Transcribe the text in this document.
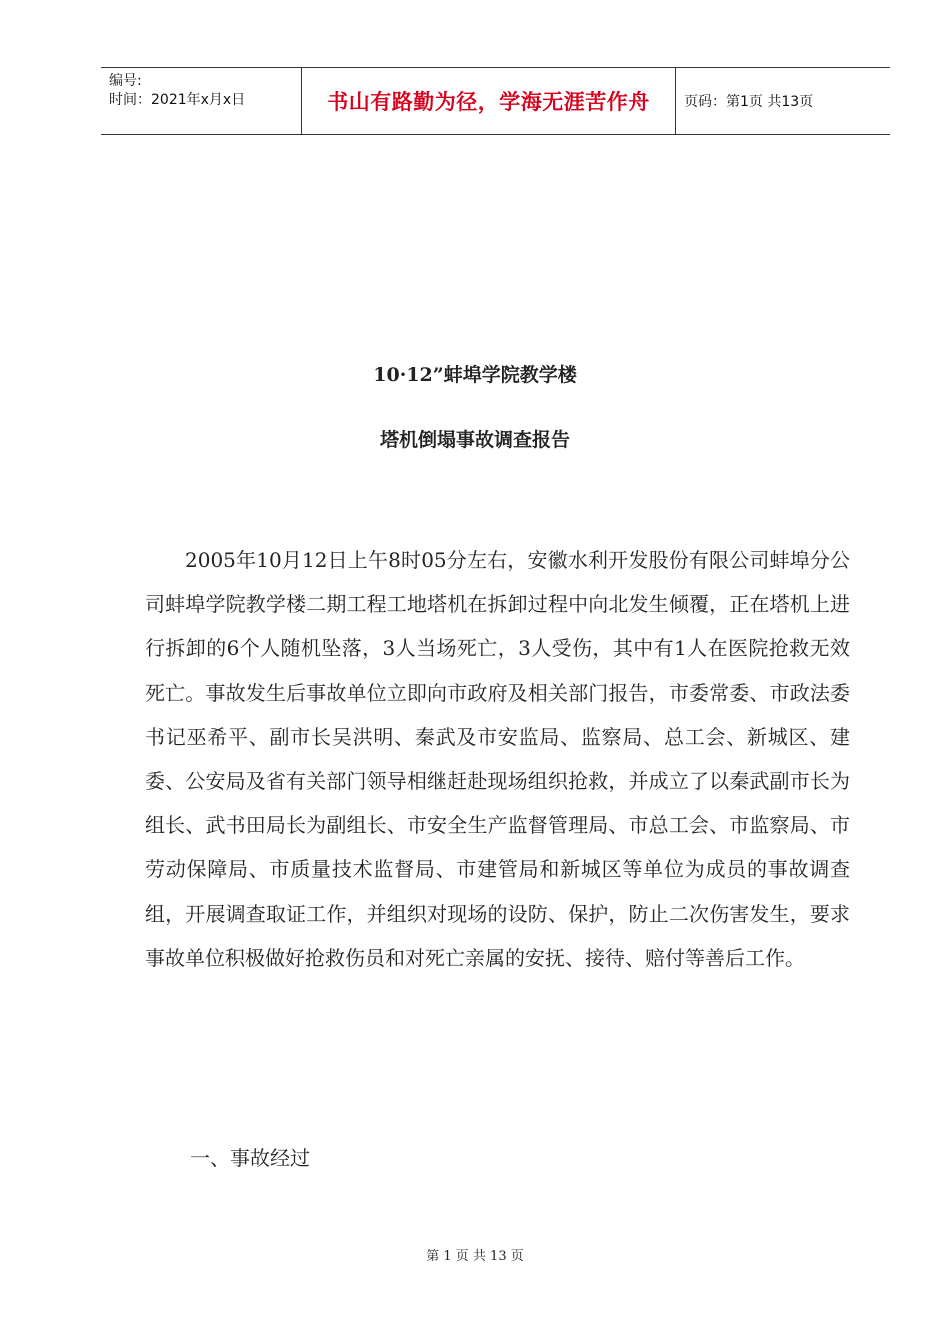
编号:
时间：2021年x月x日	书山有路勤为径，学海无涯苦作舟	页码：第1页 共13页
10·12”蚌埠学院教学楼
塔机倒塌事故调查报告

2005年10月12日上午8时05分左右，安徽水利开发股份有限公司蚌埠分公司蚌埠学院教学楼二期工程工地塔机在拆卸过程中向北发生倾覆，正在塔机上进行拆卸的6个人随机坠落，3人当场死亡，3人受伤，其中有1人在医院抢救无效死亡。事故发生后事故单位立即向市政府及相关部门报告，市委常委、市政法委书记巫希平、副市长吴洪明、秦武及市安监局、监察局、总工会、新城区、建委、公安局及省有关部门领导相继赶赴现场组织抢救，并成立了以秦武副市长为组长、武书田局长为副组长、市安全生产监督管理局、市总工会、市监察局、市劳动保障局、市质量技术监督局、市建管局和新城区等单位为成员的事故调查组，开展调查取证工作，并组织对现场的设防、保护，防止二次伤害发生，要求事故单位积极做好抢救伤员和对死亡亲属的安抚、接待、赔付等善后工作。

一、事故经过

第 1 页 共 13 页
